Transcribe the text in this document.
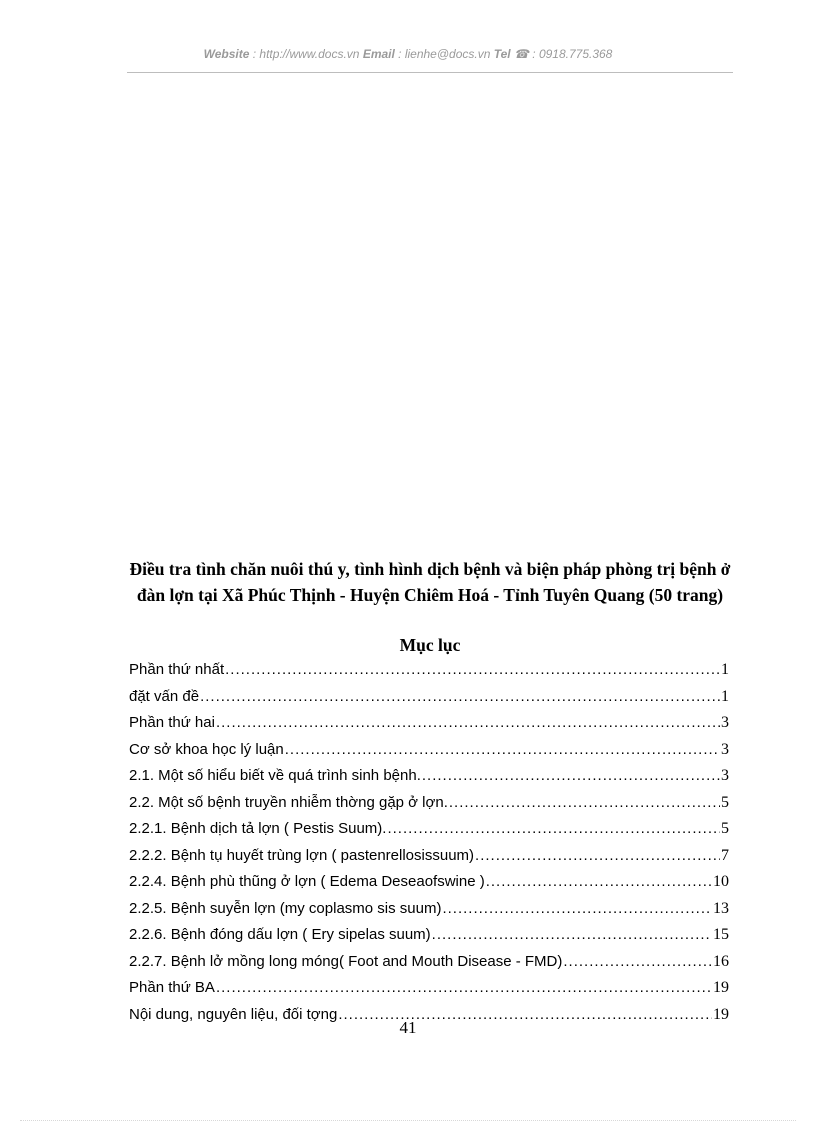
Website : http://www.docs.vn Email : lienhe@docs.vn Tel ☎ : 0918.775.368
Điều tra tình chăn nuôi thú y, tình hình dịch bệnh và biện pháp phòng trị bệnh ở đàn lợn tại Xã Phúc Thịnh - Huyện Chiêm Hoá - Tỉnh Tuyên Quang (50 trang)
Mục lục
Phần thứ nhất .....	1
đặt vấn đề .....	1
Phần thứ hai .....	3
Cơ sở khoa học lý luận .....	3
2.1. Một số hiểu biết về quá trình sinh bệnh. .....	3
2.2. Một số bệnh truyền nhiễm thờng gặp ở lợn. .....	5
2.2.1. Bệnh dịch tả lợn ( Pestis Suum). .....	5
2.2.2. Bệnh tụ huyết trùng lợn ( pastenrellosissuum) .....	7
2.2.4. Bệnh phù thũng ở lợn ( Edema Deseaofswine ) .....	10
2.2.5. Bệnh suyễn lợn (my coplasmo sis suum) .....	13
2.2.6. Bệnh đóng dấu lợn ( Ery sipelas suum) .....	15
2.2.7. Bệnh lở mồng long móng( Foot and Mouth Disease - FMD) .....	16
Phần thứ BA .....	19
Nội dung, nguyên liệu, đối tợng .....	19
41
